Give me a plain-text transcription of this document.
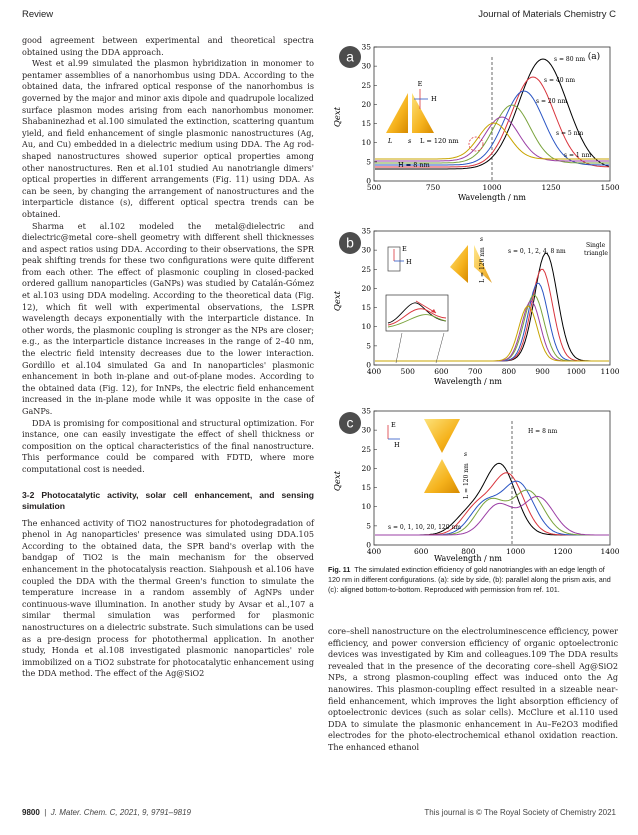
Review	Journal of Materials Chemistry C

good agreement between experimental and theoretical spectra obtained using the DDA approach.

West et al.99 simulated the plasmon hybridization in monomer to pentamer assemblies of a nanorhombus using DDA. According to the obtained data, the infrared optical response of the nanorhombus is governed by the major and minor axis dipole and quadrupole localized surface plasmon modes arising from each nanorhombus monomer. Shabaninezhad et al.100 simulated the extinction, scattering quantum yield, and field enhancement of single plasmonic nanostructures (Ag, Au, and Cu) embedded in a dielectric medium using DDA. The Ag rod-shaped nanostructures showed superior optical properties among other nanostructures. Ren et al.101 studied Au nanotriangle dimers' optical properties in different arrangements (Fig. 11) using DDA. As can be seen, by changing the arrangement of nanostructures and the interparticle distance (s), different optical spectra trends can be obtained.

Sharma et al.102 modeled the metal@dielectric and dielectric@metal core–shell geometry with different shell thicknesses and aspect ratios using DDA. According to their observations, the SPR peak shifting trends for these two configurations were quite different from each other. The effect of plasmonic coupling in closed-packed ordered gallium nanoparticles (GaNPs) was studied by Catalán-Gómez et al.103 using DDA modeling. According to the theoretical data (Fig. 12), which fit well with experimental observations, the LSPR wavelength decays exponentially with the interparticle distance. In other words, the plasmonic coupling is stronger as the NPs are closer; e.g., as the interparticle distance increases in the range of 2–40 nm, the electric field intensity decreases due to the lower interaction. Gordillo et al.104 simulated Ga and In nanoparticles' plasmonic enhancement in both in-plane and out-of-plane modes. According to the obtained data (Fig. 12), for InNPs, the electric field enhancement increased in the in-plane mode while it was opposite in the case of GaNPs.

DDA is promising for compositional and structural optimization. For instance, one can easily investigate the effect of shell thickness or composition on the optical characteristics of the final nanostructure. This performance could be compared with FDTD, where more computational cost is needed.

3-2 Photocatalytic activity, solar cell enhancement, and sensing simulation

The enhanced activity of TiO2 nanostructures for photodegradation of phenol in Ag nanoparticles' presence was simulated using DDA.105 According to the obtained data, the SPR band's overlap with the bandgap of TiO2 is the main mechanism for the observed enhancement in the photocatalysis reaction. Siahpoush et al.106 have coupled the DDA with the thermal Green's function to simulate the temperature increase in a random assembly of AgNPs under continuous-wave illumination. In another study by Avsar et al.,107 a similar thermal simulation was performed for plasmonic nanostructures on a dielectric substrate. Such simulations can be used as a pre-design process for photothermal application. In another study, Honda et al.108 investigated plasmonic nanoparticles' role immobilized on a TiO2 substrate for photocatalytic enhancement using the DDA method. The effect of the Ag@SiO2

a	(a)
Qext
Wavelength / nm
0
5
10
15
20
25
30
35
500	750	1000	1250	1500
E
H
L s L = 120 nm
H = 8 nm
s = 80 nm
s = 40 nm
s = 20 nm
s = 5 nm
s = 1 nm
b
Qext
Wavelength / nm
0
5
10
15
20
25
30
35
400	500	600	700	800	900 1000 1100
E
H	L = 120 nm
s
s = 0, 1, 2, 4, 8 nm
Single
triangle
c
Qext
Wavelength / nm
0
5
10
15
20
25
30
35
400	600	800	1000	1200	1400
E
H
L = 120 nm
s
H = 8 nm
s = 0, 1, 10, 20, 120 nm
Fig. 11 The simulated extinction efficiency of gold nanotriangles with an edge length of 120 nm in different configurations. (a): side by side, (b): parallel along the prism axis, and (c): aligned bottom-to-bottom. Reproduced with permission from ref. 101.

core–shell nanostructure on the electroluminescence efficiency, power efficiency, and power conversion efficiency of organic optoelectronic devices was investigated by Kim and colleagues.109 The DDA results revealed that in the presence of the decorating core–shell Ag@SiO2 NPs, a strong plasmon-coupling effect was induced onto the Ag nanowires. This plasmon-coupling effect resulted in a sizeable near-field enhancement, which improves the light absorption efficiency of optoelectronic devices (such as solar cells). McClure et al.110 used DDA to simulate the plasmonic enhancement in Au–Fe2O3 modified electrodes for the photo-electrochemical ethanol oxidation reaction. The enhanced ethanol

9800  |  J. Mater. Chem. C, 2021, 9, 9791–9819	This journal is © The Royal Society of Chemistry 2021
